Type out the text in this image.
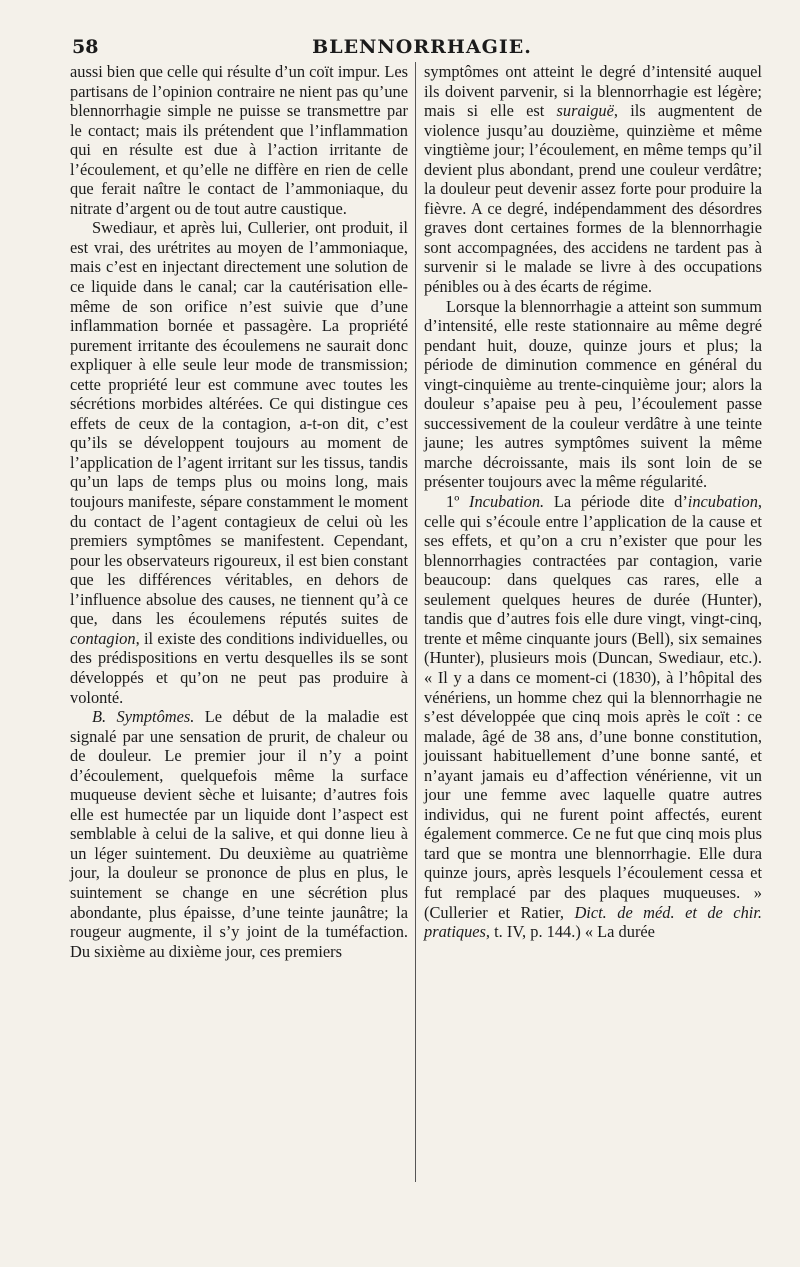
58	BLENNORRHAGIE.

aussi bien que celle qui résulte d’un coït impur. Les partisans de l’opinion contraire ne nient pas qu’une blennorrhagie simple ne puisse se transmettre par le contact; mais ils prétendent que l’inflammation qui en résulte est due à l’action irritante de l’écoulement, et qu’elle ne diffère en rien de celle que ferait naître le contact de l’ammoniaque, du nitrate d’argent ou de tout autre caustique.

Swediaur, et après lui, Cullerier, ont produit, il est vrai, des urétrites au moyen de l’ammoniaque, mais c’est en injectant directement une solution de ce liquide dans le canal; car la cautérisation elle-même de son orifice n’est suivie que d’une inflammation bornée et passagère. La propriété purement irritante des écoulemens ne saurait donc expliquer à elle seule leur mode de transmission; cette propriété leur est commune avec toutes les sécrétions morbides altérées. Ce qui distingue ces effets de ceux de la contagion, a-t-on dit, c’est qu’ils se développent toujours au moment de l’application de l’agent irritant sur les tissus, tandis qu’un laps de temps plus ou moins long, mais toujours manifeste, sépare constamment le moment du contact de l’agent contagieux de celui où les premiers symptômes se manifestent. Cependant, pour les observateurs rigoureux, il est bien constant que les différences véritables, en dehors de l’influence absolue des causes, ne tiennent qu’à ce que, dans les écoulemens réputés suites de contagion, il existe des conditions individuelles, ou des prédispositions en vertu desquelles ils se sont développés et qu’on ne peut pas produire à volonté.

B. Symptômes. Le début de la maladie est signalé par une sensation de prurit, de chaleur ou de douleur. Le premier jour il n’y a point d’écoulement, quelquefois même la surface muqueuse devient sèche et luisante; d’autres fois elle est humectée par un liquide dont l’aspect est semblable à celui de la salive, et qui donne lieu à un léger suintement. Du deuxième au quatrième jour, la douleur se prononce de plus en plus, le suintement se change en une sécrétion plus abondante, plus épaisse, d’une teinte jaunâtre; la rougeur augmente, il s’y joint de la tuméfaction. Du sixième au dixième jour, ces premiers

symptômes ont atteint le degré d’intensité auquel ils doivent parvenir, si la blennorrhagie est légère; mais si elle est suraiguë, ils augmentent de violence jusqu’au douzième, quinzième et même vingtième jour; l’écoulement, en même temps qu’il devient plus abondant, prend une couleur verdâtre; la douleur peut devenir assez forte pour produire la fièvre. A ce degré, indépendamment des désordres graves dont certaines formes de la blennorrhagie sont accompagnées, des accidens ne tardent pas à survenir si le malade se livre à des occupations pénibles ou à des écarts de régime.

Lorsque la blennorrhagie a atteint son summum d’intensité, elle reste stationnaire au même degré pendant huit, douze, quinze jours et plus; la période de diminution commence en général du vingt-cinquième au trente-cinquième jour; alors la douleur s’apaise peu à peu, l’écoulement passe successivement de la couleur verdâtre à une teinte jaune; les autres symptômes suivent la même marche décroissante, mais ils sont loin de se présenter toujours avec la même régularité.

1º Incubation. La période dite d’incubation, celle qui s’écoule entre l’application de la cause et ses effets, et qu’on a cru n’exister que pour les blennorrhagies contractées par contagion, varie beaucoup: dans quelques cas rares, elle a seulement quelques heures de durée (Hunter), tandis que d’autres fois elle dure vingt, vingt-cinq, trente et même cinquante jours (Bell), six semaines (Hunter), plusieurs mois (Duncan, Swediaur, etc.). « Il y a dans ce moment-ci (1830), à l’hôpital des vénériens, un homme chez qui la blennorrhagie ne s’est développée que cinq mois après le coït : ce malade, âgé de 38 ans, d’une bonne constitution, jouissant habituellement d’une bonne santé, et n’ayant jamais eu d’affection vénérienne, vit un jour une femme avec laquelle quatre autres individus, qui ne furent point affectés, eurent également commerce. Ce ne fut que cinq mois plus tard que se montra une blennorrhagie. Elle dura quinze jours, après lesquels l’écoulement cessa et fut remplacé par des plaques muqueuses. » (Cullerier et Ratier, Dict. de méd. et de chir. pratiques, t. IV, p. 144.) « La durée
